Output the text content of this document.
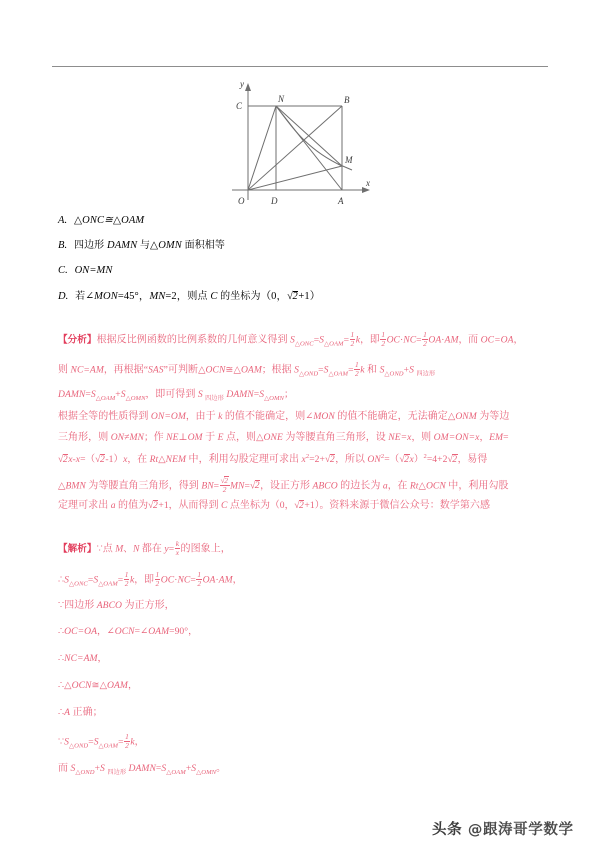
y
x
O	D	A
C
N	B
M
A. △ONC≅△OAM
B. 四边形 DAMN 与△OMN 面积相等
C. ON=MN
D. 若∠MON=45°，MN=2，则点 C 的坐标为（0，√2+1）
【分析】根据反比例函数的比例系数的几何意义得到 $S_{\triangle ONC}=S_{\triangle OAM}= \frac{1}{2}$ k，即 $\frac{1}{2} OC\cdot NC= \frac{1}{2} OA\cdot AM$，而 OC=OA，
则 NC=AM，再根据“SAS”可判断△OCN≅△OAM；根据 $S_{\triangle OND}=S_{\triangle OAM}= \frac{1}{2}$ k 和 $S_{\triangle OND}+S$ $_{四边形}$
$DAMN=S_{\triangle OAM}+S_{\triangle OMN}$，即可得到 S $_{四边形}$ $DAMN=S_{\triangle OMN}$；
根据全等的性质得到 ON=OM，由于 k 的值不能确定，则∠MON 的值不能确定，无法确定△ONM 为等边
三角形，则 ON≠MN；作 NE⊥OM 于 E 点，则△ONE 为等腰直角三角形，设 NE=x，则 OM=ON=x，EM=
√2x-x=（√2-1）x，在 Rt△NEM 中，利用勾股定理可求出 $x^2=2+√2$，所以 $ON^2=(√2x)^2=4+2√2$，易得
△BMN 为等腰直角三角形，得到 $BN= \frac{√2}{2} MN=√2$，设正方形 ABCO 的边长为 a，在 Rt△OCN 中，利用勾股
定理可求出 a 的值为√2+1，从而得到 C 点坐标为（0，√2+1）。资料来源于微信公众号：数学第六感
【解析】∵点 M、N 都在 $y= \frac{k}{x}$ 的图象上，
$\therefore S_{\triangle ONC}=S_{\triangle OAM}= \frac{1}{2}$ k，即 $\frac{1}{2} OC\cdot NC= \frac{1}{2} OA\cdot AM$，
∵四边形 ABCO 为正方形，
∴OC=OA，∠OCN=∠OAM=90°，
∴NC=AM，
∴△OCN≅△OAM，
∴A 正确；
$\because S_{\triangle OND}=S_{\triangle OAM}= \frac{1}{2}$ k，
而 $S_{\triangle OND}+S$ $_{四边形}$ $DAMN=S_{\triangle OAM}+S_{\triangle OMN}$。
头条 @跟涛哥学数学
